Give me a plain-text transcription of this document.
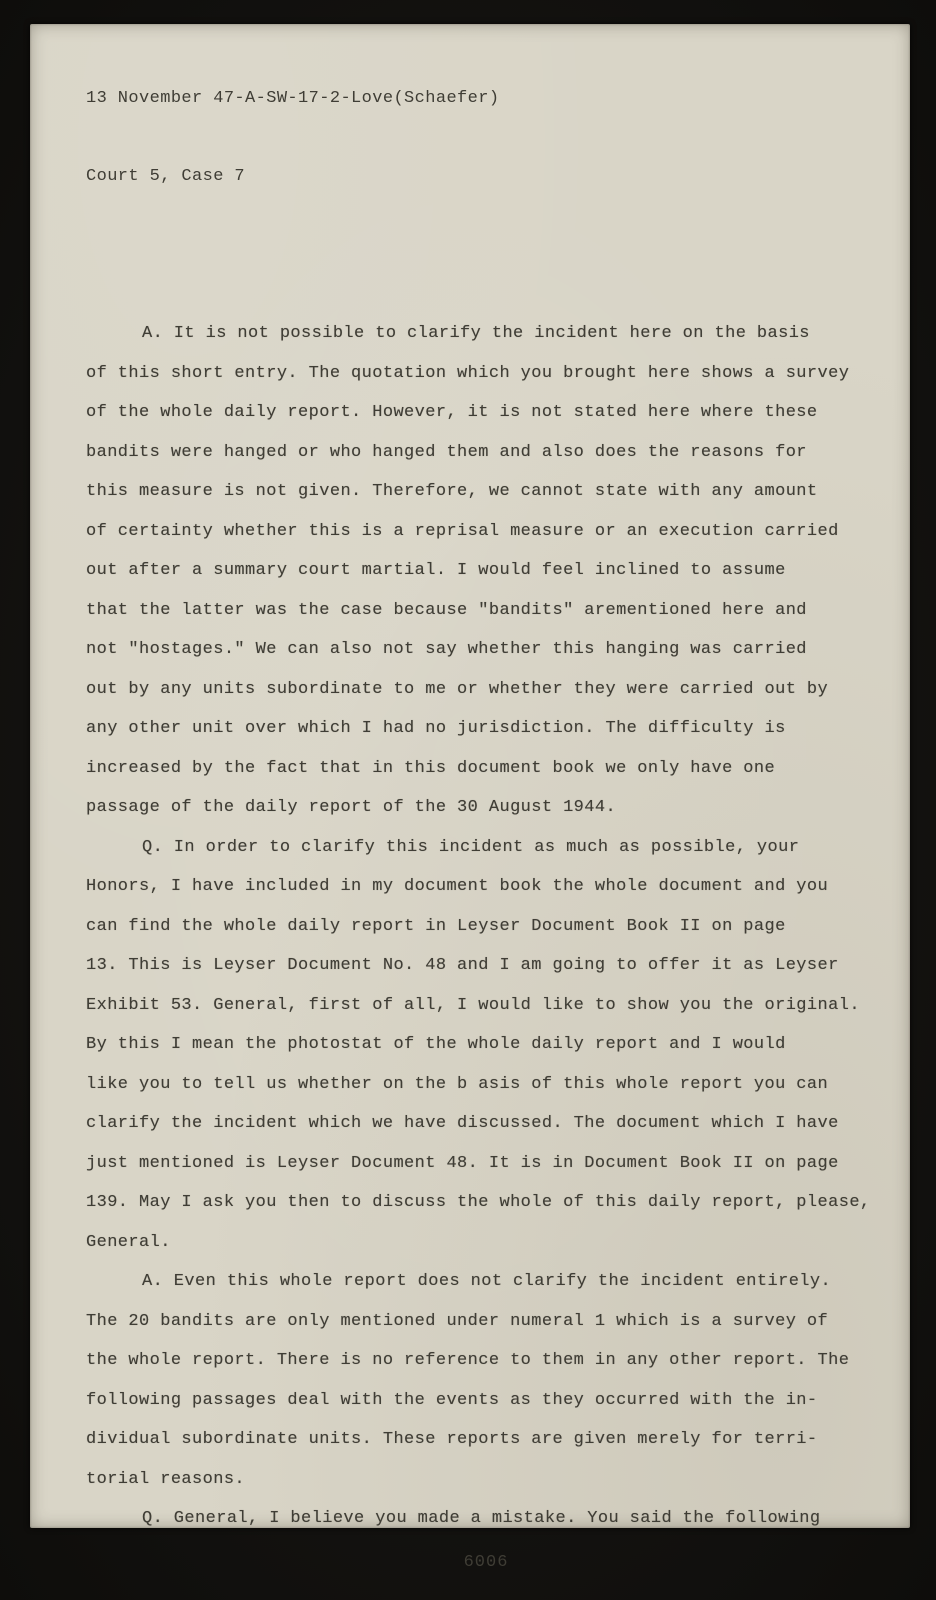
13 November 47-A-SW-17-2-Love(Schaefer)

Court 5, Case 7

A. It is not possible to clarify the incident here on the basis
of this short entry. The quotation which you brought here shows a survey
of the whole daily report. However, it is not stated here where these
bandits were hanged or who hanged them and also does the reasons for
this measure is not given. Therefore, we cannot state with any amount
of certainty whether this is a reprisal measure or an execution carried
out after a summary court martial. I would feel inclined to assume
that the latter was the case because "bandits" arementioned here and
not "hostages." We can also not say whether this hanging was carried
out by any units subordinate to me or whether they were carried out by
any other unit over which I had no jurisdiction. The difficulty is
increased by the fact that in this document book we only have one
passage of the daily report of the 30 August 1944.
Q. In order to clarify this incident as much as possible, your
Honors, I have included in my document book the whole document and you
can find the whole daily report in Leyser Document Book II on page
13. This is Leyser Document No. 48 and I am going to offer it as Leyser
Exhibit 53. General, first of all, I would like to show you the original.
By this I mean the photostat of the whole daily report and I would
like you to tell us whether on the b asis of this whole report you can
clarify the incident which we have discussed. The document which I have
just mentioned is Leyser Document 48. It is in Document Book II on page
139. May I ask you then to discuss the whole of this daily report, please,
General.
A. Even this whole report does not clarify the incident entirely.
The 20 bandits are only mentioned under numeral 1 which is a survey of
the whole report. There is no reference to them in any other report. The
following passages deal with the events as they occurred with the in-
dividual subordinate units. These reports are given merely for terri-
torial reasons.
Q. General, I believe you made a mistake. You said the following
6006
